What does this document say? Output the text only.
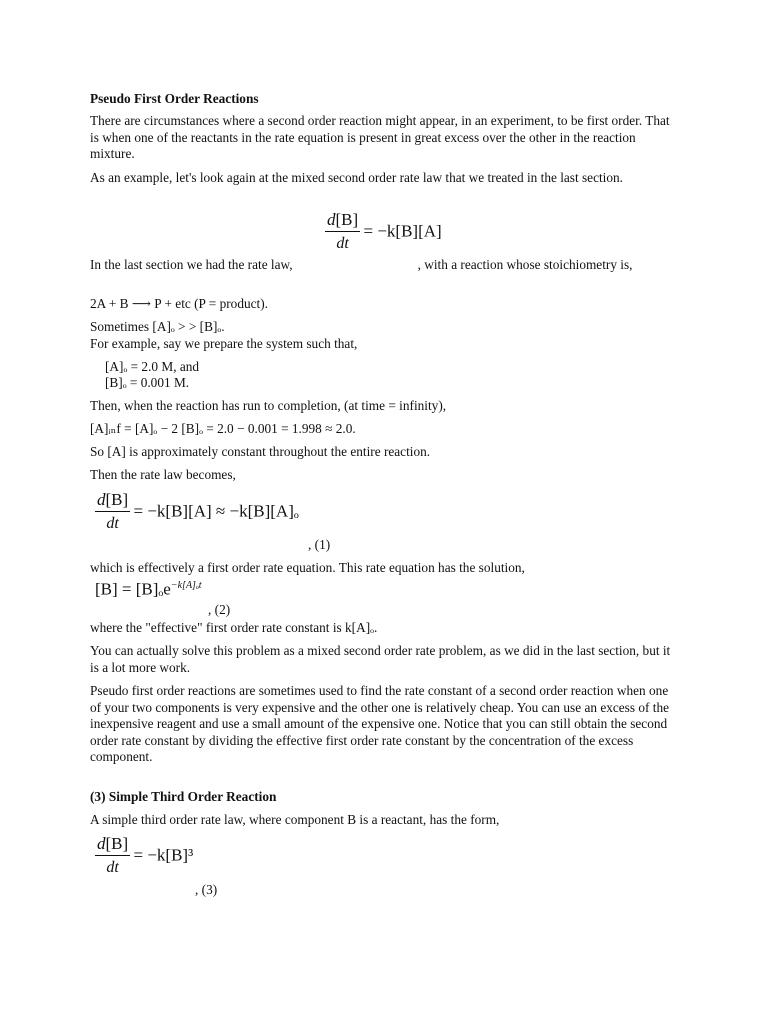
Pseudo First Order Reactions
There are circumstances where a second order reaction might appear, in an experiment, to be first order. That is when one of the reactants in the rate equation is present in great excess over the other in the reaction mixture.
As an example, let's look again at the mixed second order rate law that we treated in the last section.
$\frac{d[B]}{dt} = -k[B][A]$
In the last section we had the rate law,	, with a reaction whose stoichiometry is,
2A + B ⟶ P + etc (P = product).
Sometimes [A]ₒ > > [B]ₒ.
For example, say we prepare the system such that,
[A]ₒ = 2.0 M, and
[B]ₒ = 0.001 M.
Then, when the reaction has run to completion, (at time = infinity),
[A]ᵢₙf = [A]ₒ − 2 [B]ₒ = 2.0 − 0.001 = 1.998 ≈ 2.0.
So [A] is approximately constant throughout the entire reaction.
Then the rate law becomes,
$\frac{d[B]}{dt} = -k[B][A] \approx -k[B][A]_o$
, (1)
which is effectively a first order rate equation. This rate equation has the solution,
[B] = [B]ₒe$^{-k[A]_ot}$
, (2)
where the "effective" first order rate constant is k[A]ₒ.
You can actually solve this problem as a mixed second order rate problem, as we did in the last section, but it is a lot more work.
Pseudo first order reactions are sometimes used to find the rate constant of a second order reaction when one of your two components is very expensive and the other one is relatively cheap. You can use an excess of the inexpensive reagent and use a small amount of the expensive one. Notice that you can still obtain the second order rate constant by dividing the effective first order rate constant by the concentration of the excess component.
(3) Simple Third Order Reaction
A simple third order rate law, where component B is a reactant, has the form,
$\frac{d[B]}{dt} = -k[B]^3$
, (3)
